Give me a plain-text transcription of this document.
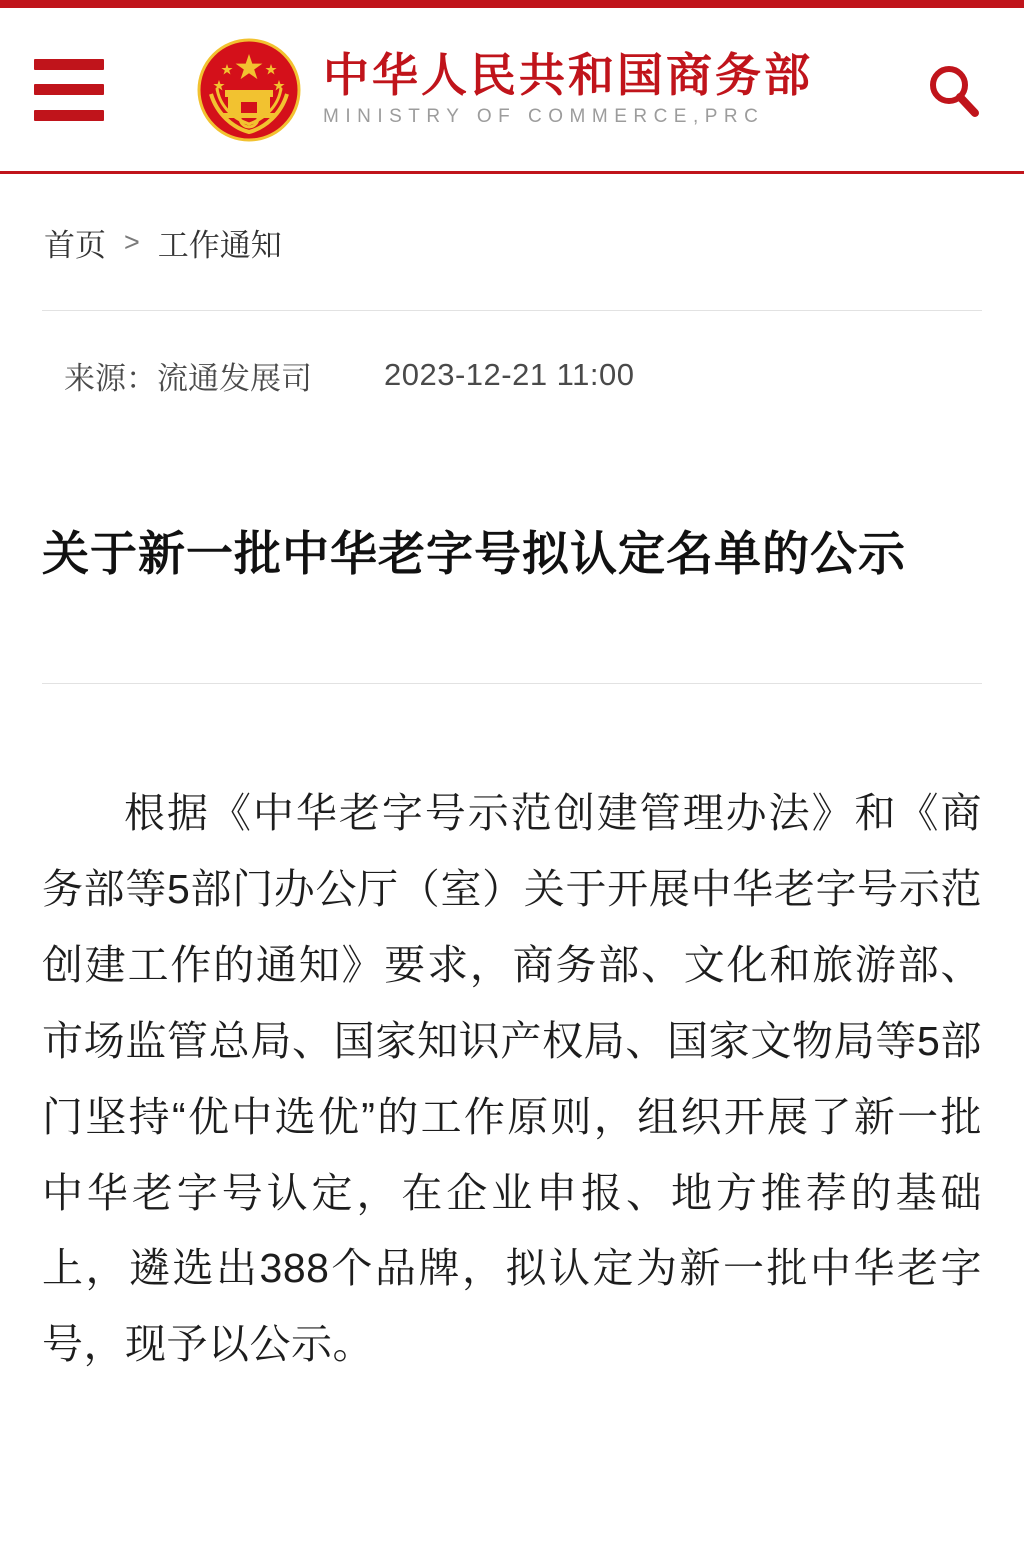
中华人民共和国商务部
MINISTRY OF COMMERCE,PRC
首页 > 工作通知
来源：流通发展司 2023-12-21 11:00
关于新一批中华老字号拟认定名单的公示

根据《中华老字号示范创建管理办法》和《商务部等5部门办公厅（室）关于开展中华老字号示范创建工作的通知》要求，商务部、文化和旅游部、市场监管总局、国家知识产权局、国家文物局等5部门坚持“优中选优”的工作原则，组织开展了新一批中华老字号认定，在企业申报、地方推荐的基础上，遴选出388个品牌，拟认定为新一批中华老字号，现予以公示。
